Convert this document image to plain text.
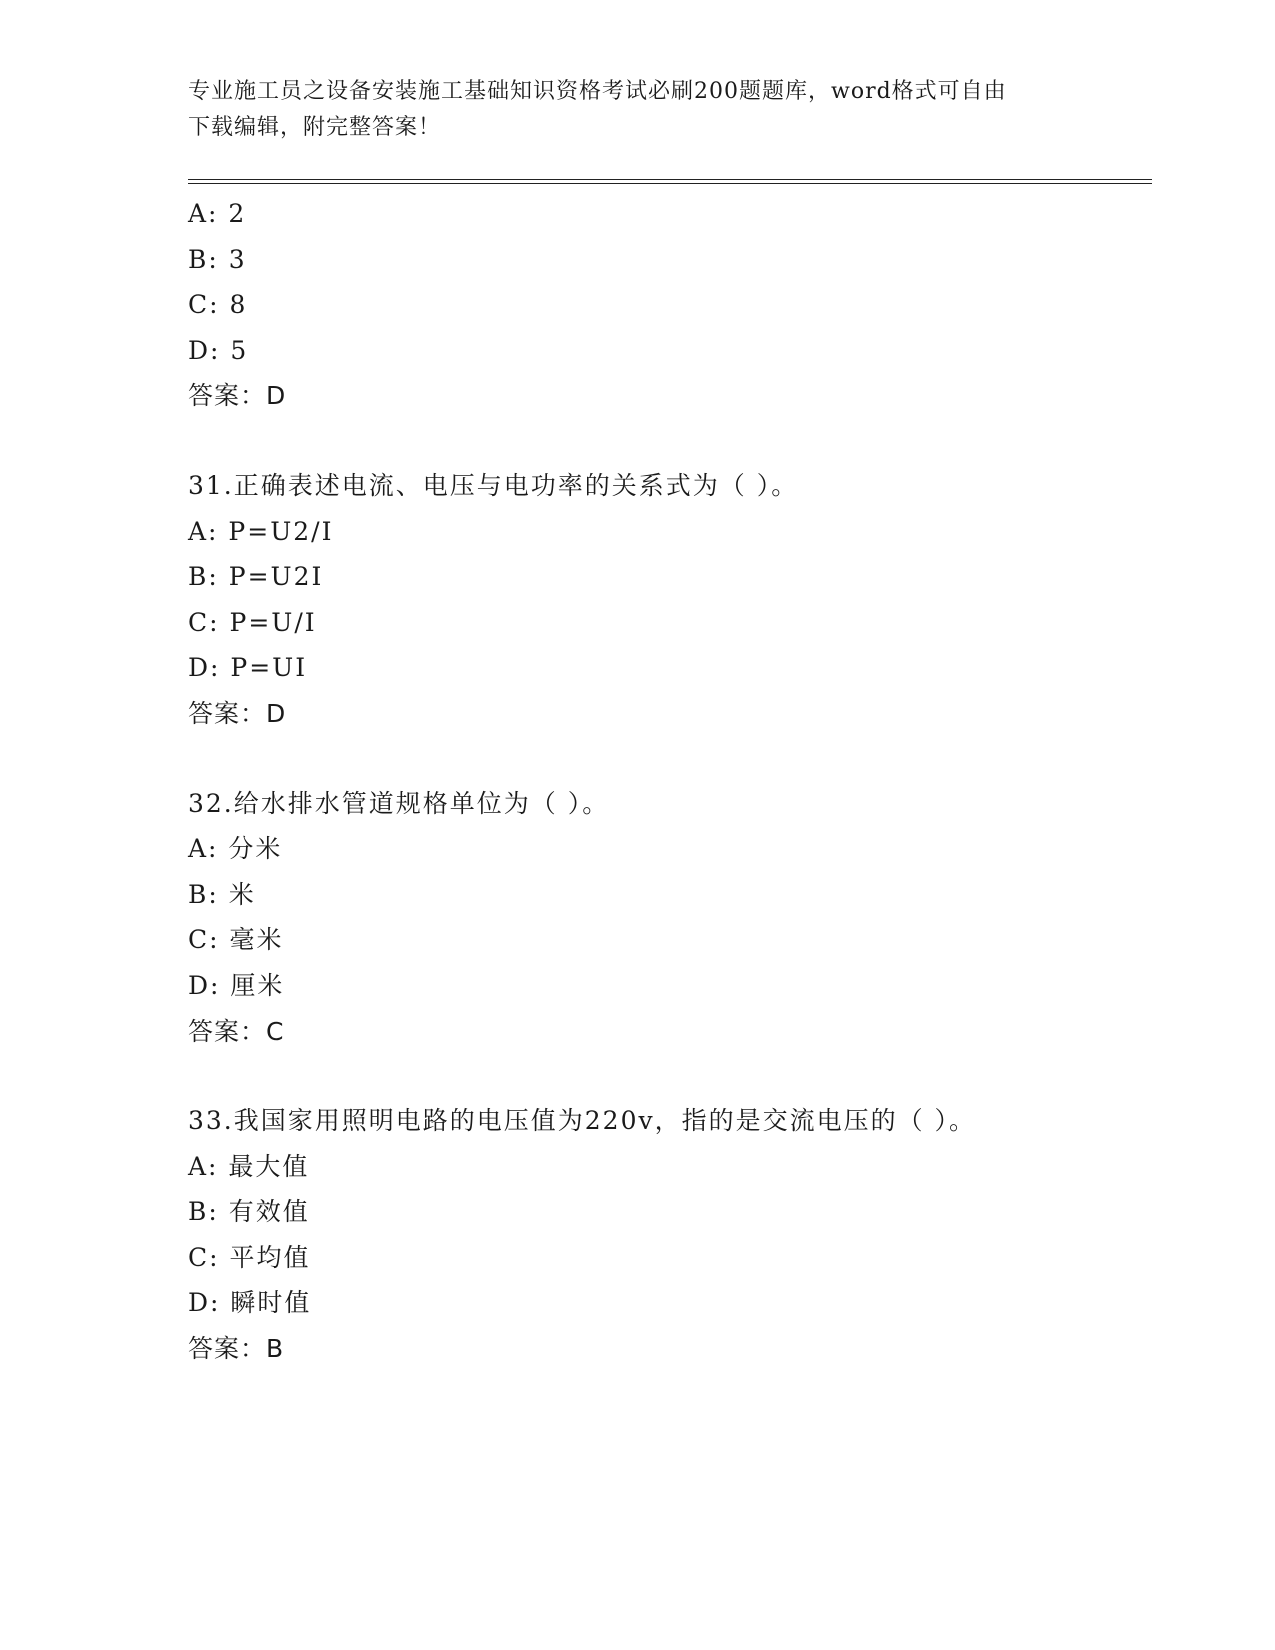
专业施工员之设备安装施工基础知识资格考试必刷200题题库，word格式可自由
下载编辑，附完整答案！
A: 2
B: 3
C: 8
D: 5
答案：D
31.正确表述电流、电压与电功率的关系式为（ ）。
A: P=U2/I
B: P=U2I
C: P=U/I
D: P=UI
答案：D
32.给水排水管道规格单位为（ ）。
A: 分米
B: 米
C: 毫米
D: 厘米
答案：C
33.我国家用照明电路的电压值为220v，指的是交流电压的（ ）。
A: 最大值
B: 有效值
C: 平均值
D: 瞬时值
答案：B
